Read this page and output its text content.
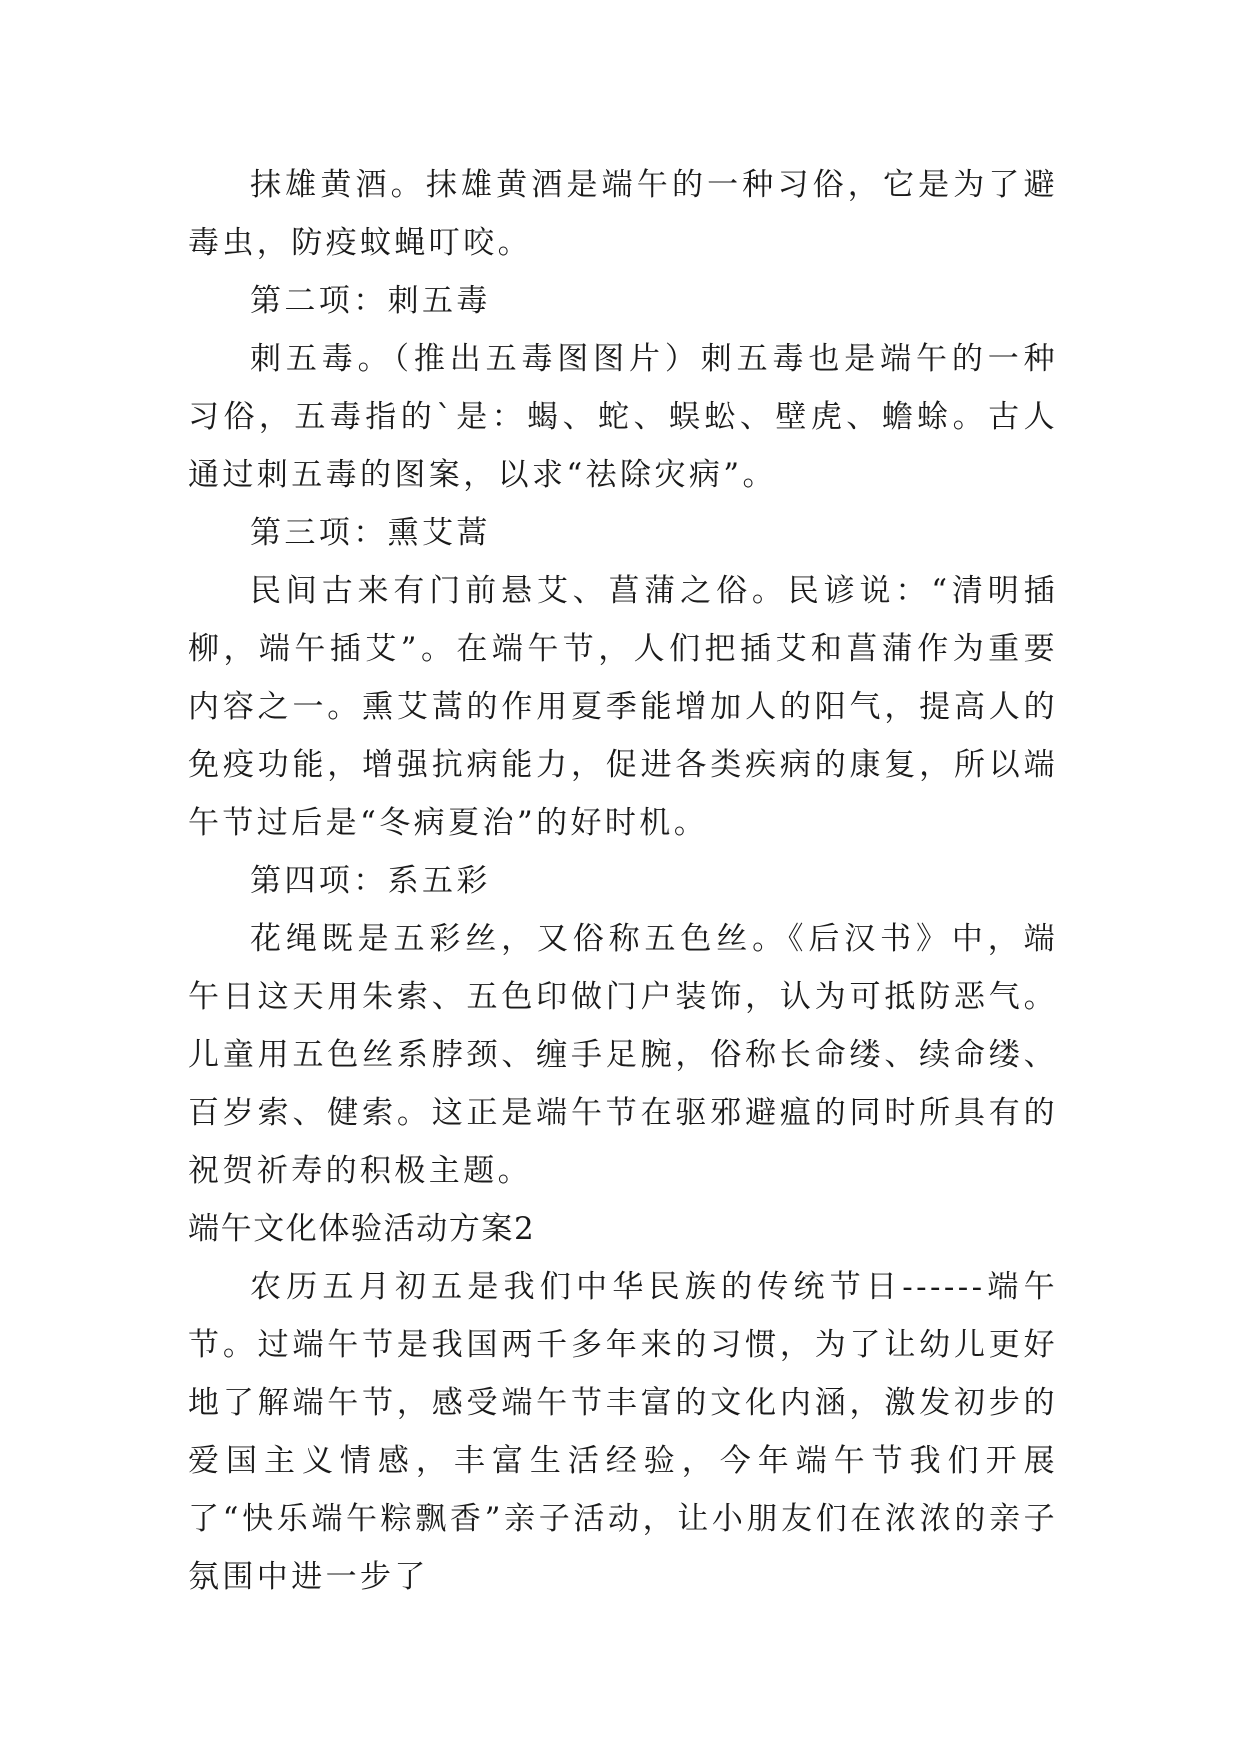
抹雄黄酒。抹雄黄酒是端午的一种习俗，它是为了避毒虫，防疫蚊蝇叮咬。

第二项：刺五毒

刺五毒。（推出五毒图图片）刺五毒也是端午的一种习俗，五毒指的`是：蝎、蛇、蜈蚣、壁虎、蟾蜍。古人通过刺五毒的图案，以求“祛除灾病”。

第三项：熏艾蒿

民间古来有门前悬艾、菖蒲之俗。民谚说：“清明插柳，端午插艾”。在端午节，人们把插艾和菖蒲作为重要内容之一。熏艾蒿的作用夏季能增加人的阳气，提高人的免疫功能，增强抗病能力，促进各类疾病的康复，所以端午节过后是“冬病夏治”的好时机。

第四项：系五彩

花绳既是五彩丝，又俗称五色丝。《后汉书》中，端午日这天用朱索、五色印做门户装饰，认为可抵防恶气。 儿童用五色丝系脖颈、缠手足腕，俗称长命缕、续命缕、百岁索、健索。这正是端午节在驱邪避瘟的同时所具有的祝贺祈寿的积极主题。

端午文化体验活动方案2

农历五月初五是我们中华民族的传统节日------端午节。过端午节是我国两千多年来的习惯，为了让幼儿更好地了解端午节，感受端午节丰富的文化内涵，激发初步的爱国主义情感，丰富生活经验，今年端午节我们开展了“快乐端午粽飘香”亲子活动，让小朋友们在浓浓的亲子氛围中进一步了
